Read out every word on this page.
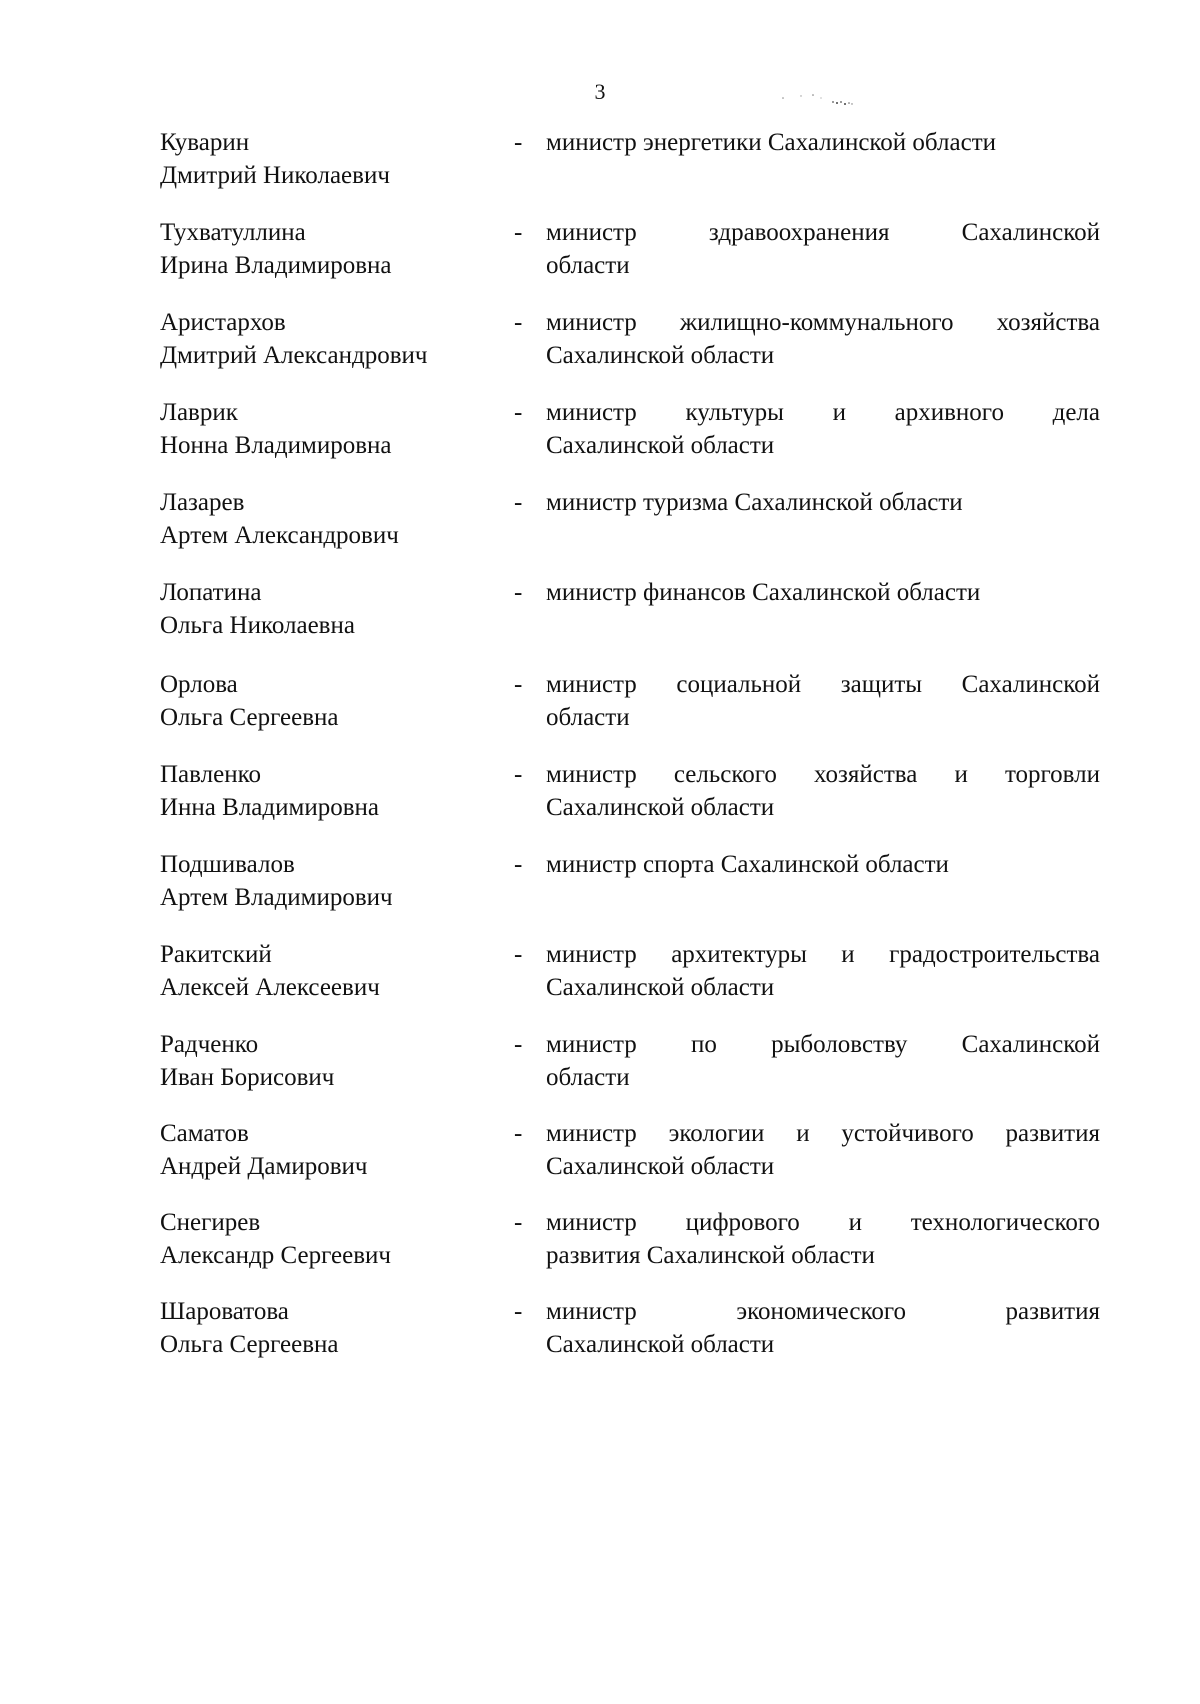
3
Куварин
Дмитрий Николаевич
- министр энергетики Сахалинской области
Тухватуллина
Ирина Владимировна
- министр здравоохранения Сахалинской
области
Аристархов
Дмитрий Александрович
- министр жилищно-коммунального хозяйства
Сахалинской области
Лаврик
Нонна Владимировна
- министр культуры и архивного дела
Сахалинской области
Лазарев
Артем Александрович
- министр туризма Сахалинской области
Лопатина
Ольга Николаевна
- министр финансов Сахалинской области
Орлова
Ольга Сергеевна
- министр социальной защиты Сахалинской
области
Павленко
Инна Владимировна
- министр сельского хозяйства и торговли
Сахалинской области
Подшивалов
Артем Владимирович
- министр спорта Сахалинской области
Ракитский
Алексей Алексеевич
- министр архитектуры и градостроительства
Сахалинской области
Радченко
Иван Борисович
- министр по рыболовству Сахалинской
области
Саматов
Андрей Дамирович
- министр экологии и устойчивого развития
Сахалинской области
Снегирев
Александр Сергеевич
- министр цифрового и технологического
развития Сахалинской области
Шароватова
Ольга Сергеевна
- министр экономического развития
Сахалинской области
